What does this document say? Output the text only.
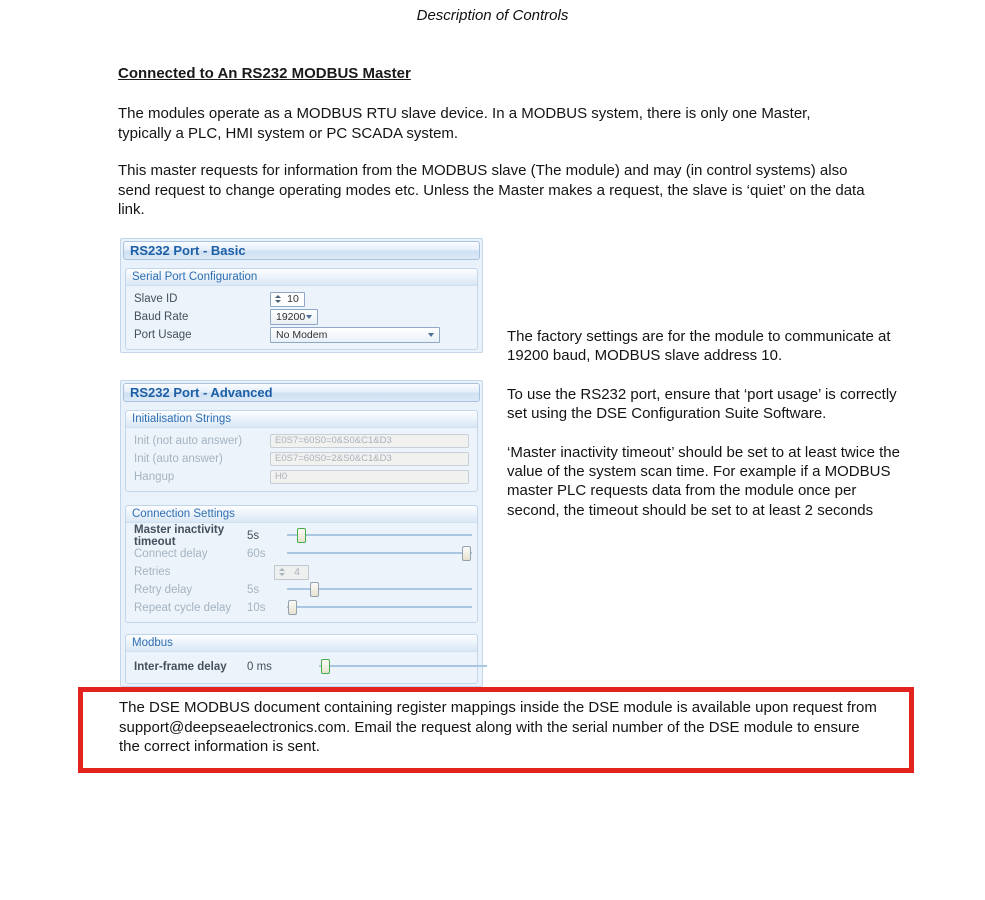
Description of Controls
Connected to An RS232 MODBUS Master
The modules operate as a MODBUS RTU slave device. In a MODBUS system, there is only one Master, typically a PLC, HMI system or PC SCADA system.
This master requests for information from the MODBUS slave (The module) and may (in control systems) also send request to change operating modes etc. Unless the Master makes a request, the slave is ‘quiet’ on the data link.
RS232 Port - Basic
Serial Port Configuration
Slave ID	10
Baud Rate	19200
Port Usage	No Modem
RS232 Port - Advanced
Initialisation Strings
Init (not auto answer)	E0S7=60S0=0&S0&C1&D3
Init (auto answer)	E0S7=60S0=2&S0&C1&D3
Hangup	H0
Connection Settings
Master inactivity timeout	5s
Connect delay	60s
Retries	4
Retry delay	5s
Repeat cycle delay	10s
Modbus
Inter-frame delay	0 ms

The factory settings are for the module to communicate at 19200 baud, MODBUS slave address 10.

To use the RS232 port, ensure that ‘port usage’ is correctly set using the DSE Configuration Suite Software.

‘Master inactivity timeout’ should be set to at least twice the value of the system scan time. For example if a MODBUS master PLC requests data from the module once per second, the timeout should be set to at least 2 seconds

The DSE MODBUS document containing register mappings inside the DSE module is available upon request from support@deepseaelectronics.com. Email the request along with the serial number of the DSE module to ensure the correct information is sent.
